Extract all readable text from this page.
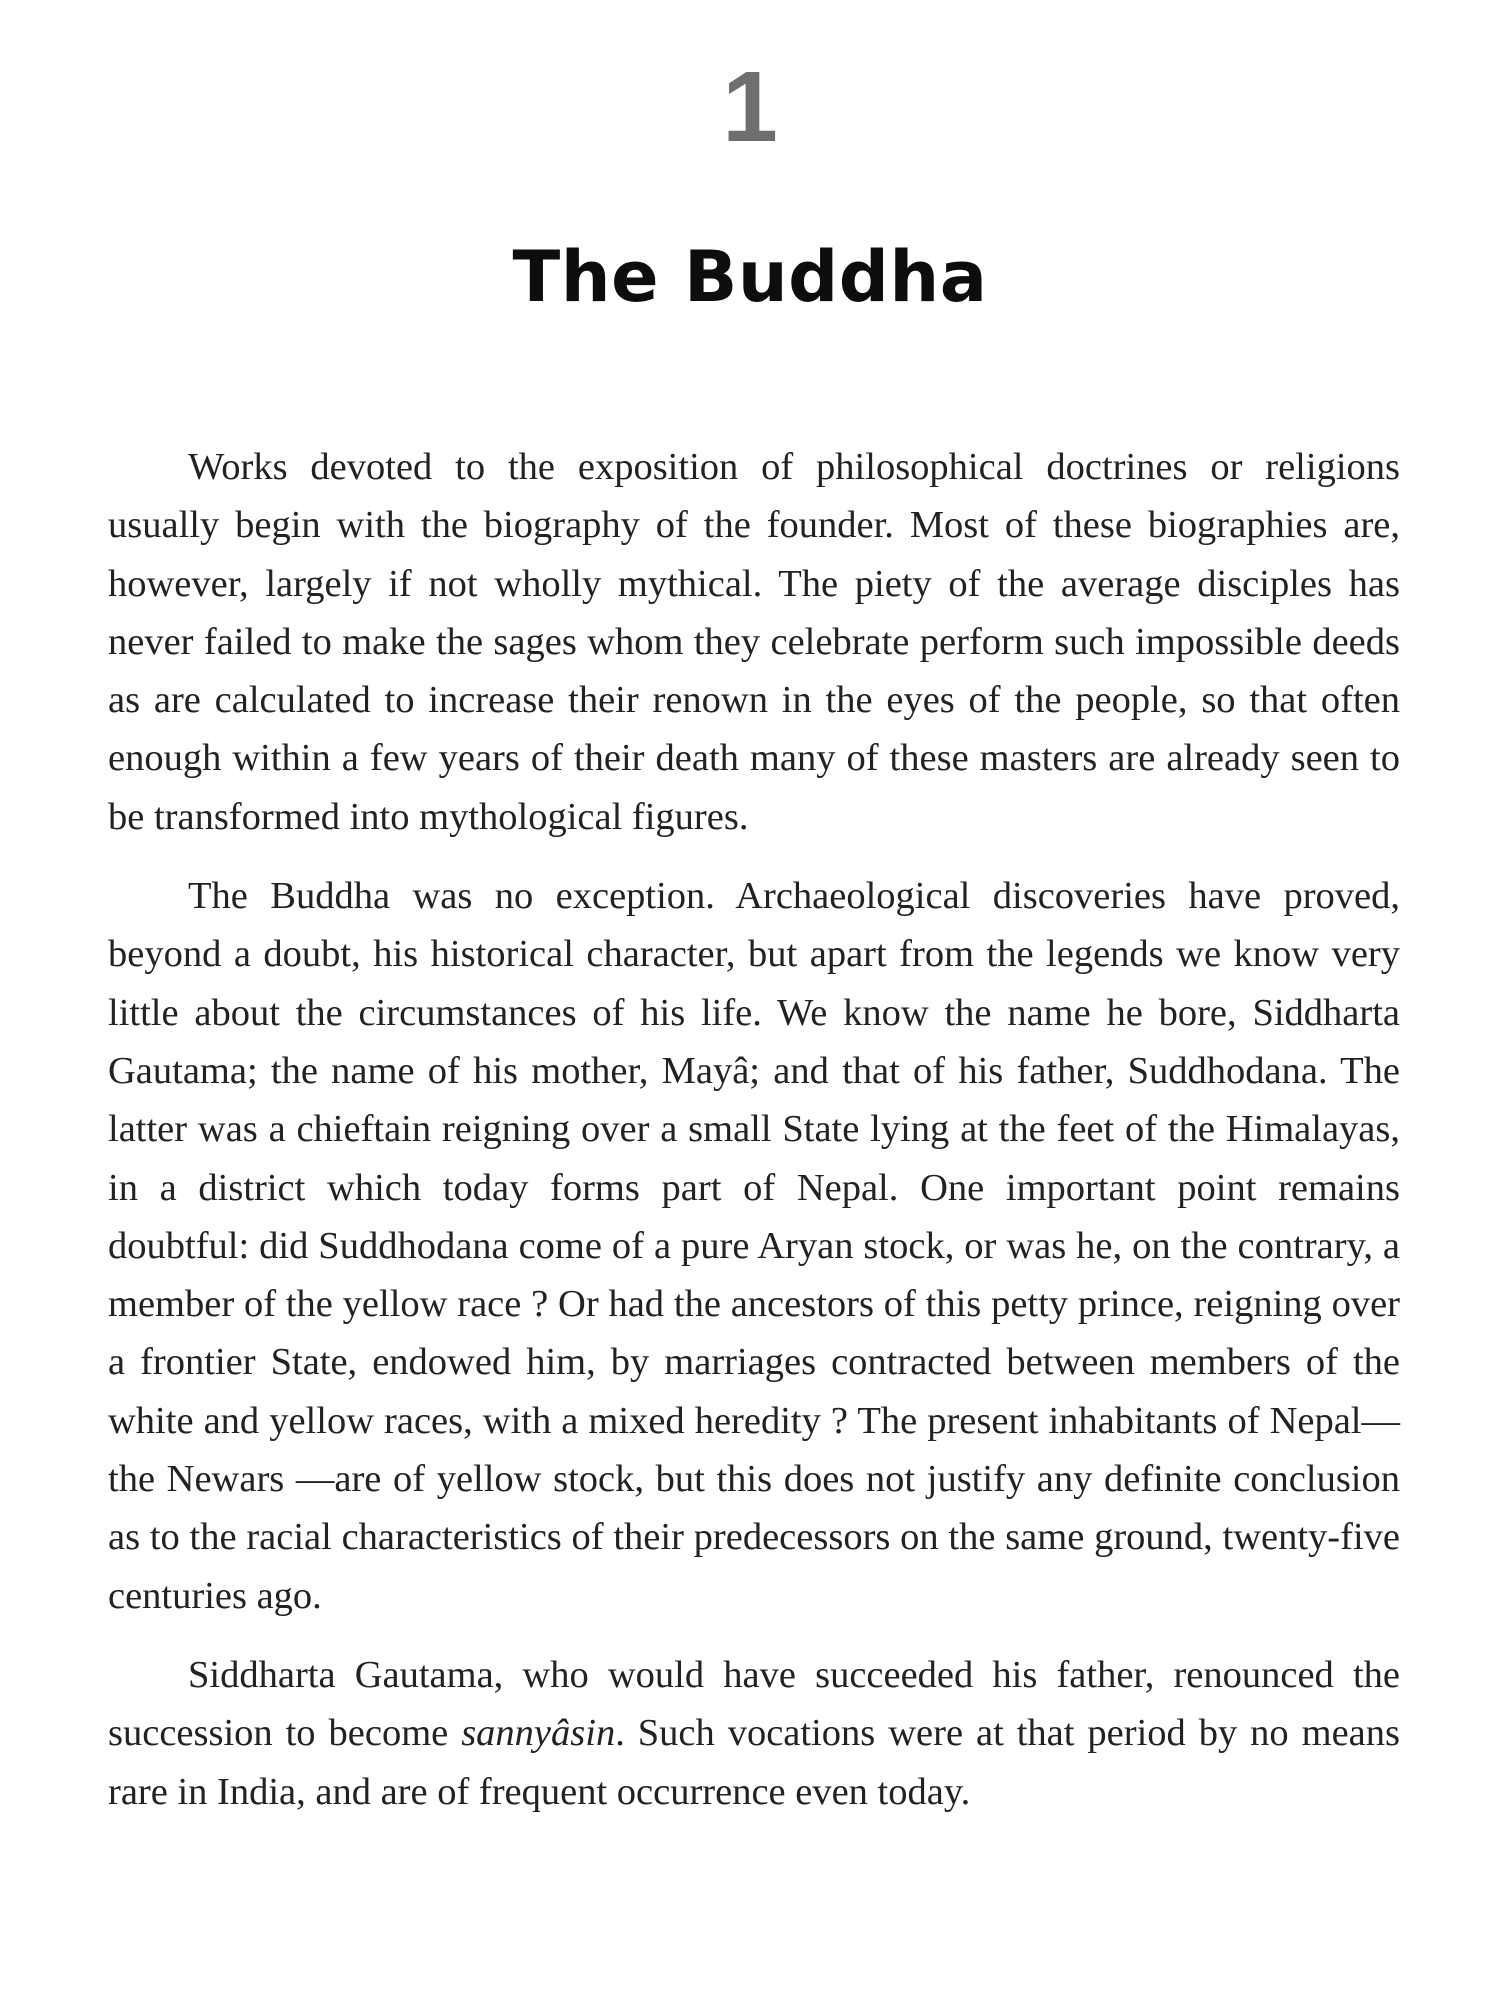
1
The Buddha

Works devoted to the exposition of philosophical doctrines or religions usually begin with the biography of the founder. Most of these biographies are, however, largely if not wholly mythical. The piety of the average disciples has never failed to make the sages whom they celebrate perform such impossible deeds as are calculated to increase their renown in the eyes of the people, so that often enough within a few years of their death many of these masters are already seen to be transformed into mythological figures.

The Buddha was no exception. Archaeological discoveries have proved, beyond a doubt, his historical character, but apart from the legends we know very little about the circumstances of his life. We know the name he bore, Siddharta Gautama; the name of his mother, Mayâ; and that of his father, Suddhodana. The latter was a chieftain reigning over a small State lying at the feet of the Himalayas, in a district which today forms part of Nepal. One important point remains doubtful: did Suddhodana come of a pure Aryan stock, or was he, on the contrary, a member of the yellow race ? Or had the ancestors of this petty prince, reigning over a frontier State, endowed him, by marriages contracted between members of the white and yellow races, with a mixed heredity ? The present inhabitants of Nepal— the Newars —are of yellow stock, but this does not justify any definite conclusion as to the racial characteristics of their predecessors on the same ground, twenty-five centuries ago.

Siddharta Gautama, who would have succeeded his father, renounced the succession to become sannyâsin. Such vocations were at that period by no means rare in India, and are of frequent occurrence even today.
